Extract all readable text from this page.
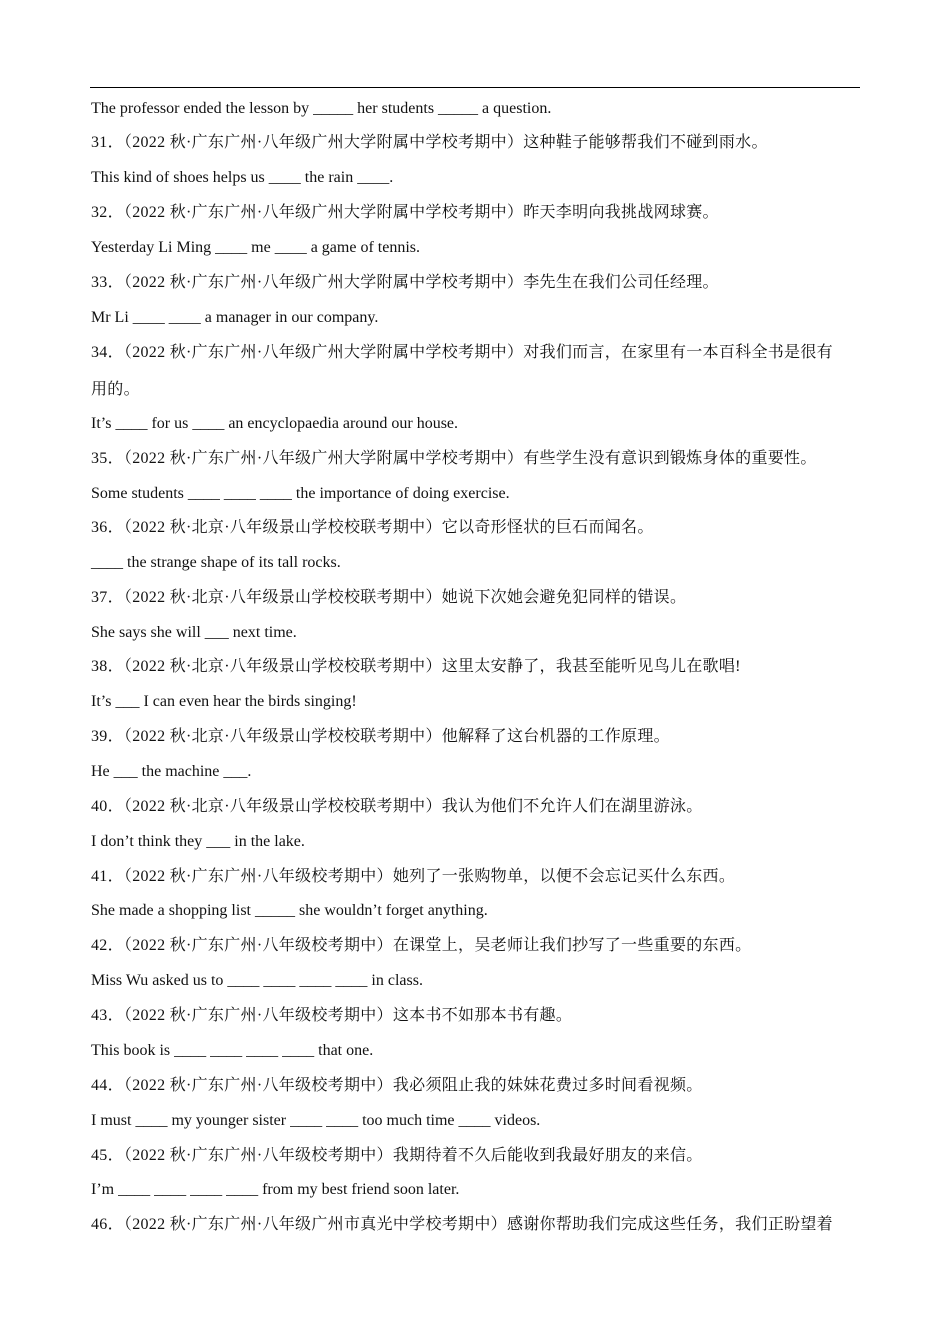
The professor ended the lesson by _____ her students _____ a question.
31．（2022 秋·广东广州·八年级广州大学附属中学校考期中）这种鞋子能够帮我们不碰到雨水。
This kind of shoes helps us ____ the rain ____.
32．（2022 秋·广东广州·八年级广州大学附属中学校考期中）昨天李明向我挑战网球赛。
Yesterday Li Ming ____ me ____ a game of tennis.
33．（2022 秋·广东广州·八年级广州大学附属中学校考期中）李先生在我们公司任经理。
Mr Li ____ ____ a manager in our company.
34．（2022 秋·广东广州·八年级广州大学附属中学校考期中）对我们而言，在家里有一本百科全书是很有
用的。
It’s ____ for us ____ an encyclopaedia around our house.
35．（2022 秋·广东广州·八年级广州大学附属中学校考期中）有些学生没有意识到锻炼身体的重要性。
Some students ____ ____ ____ the importance of doing exercise.
36．（2022 秋·北京·八年级景山学校校联考期中）它以奇形怪状的巨石而闻名。
____ the strange shape of its tall rocks.
37．（2022 秋·北京·八年级景山学校校联考期中）她说下次她会避免犯同样的错误。
She says she will ___ next time.
38．（2022 秋·北京·八年级景山学校校联考期中）这里太安静了，我甚至能听见鸟儿在歌唱!
It’s ___ I can even hear the birds singing!
39．（2022 秋·北京·八年级景山学校校联考期中）他解释了这台机器的工作原理。
He ___ the machine ___.
40．（2022 秋·北京·八年级景山学校校联考期中）我认为他们不允许人们在湖里游泳。
I don’t think they ___ in the lake.
41．（2022 秋·广东广州·八年级校考期中）她列了一张购物单，以便不会忘记买什么东西。
She made a shopping list _____ she wouldn’t forget anything.
42．（2022 秋·广东广州·八年级校考期中）在课堂上，吴老师让我们抄写了一些重要的东西。
Miss Wu asked us to ____ ____ ____ ____ in class.
43．（2022 秋·广东广州·八年级校考期中）这本书不如那本书有趣。
This book is ____ ____ ____ ____ that one.
44．（2022 秋·广东广州·八年级校考期中）我必须阻止我的妹妹花费过多时间看视频。
I must ____ my younger sister ____ ____ too much time ____ videos.
45．（2022 秋·广东广州·八年级校考期中）我期待着不久后能收到我最好朋友的来信。
I’m ____ ____ ____ ____ from my best friend soon later.
46．（2022 秋·广东广州·八年级广州市真光中学校考期中）感谢你帮助我们完成这些任务，我们正盼望着
